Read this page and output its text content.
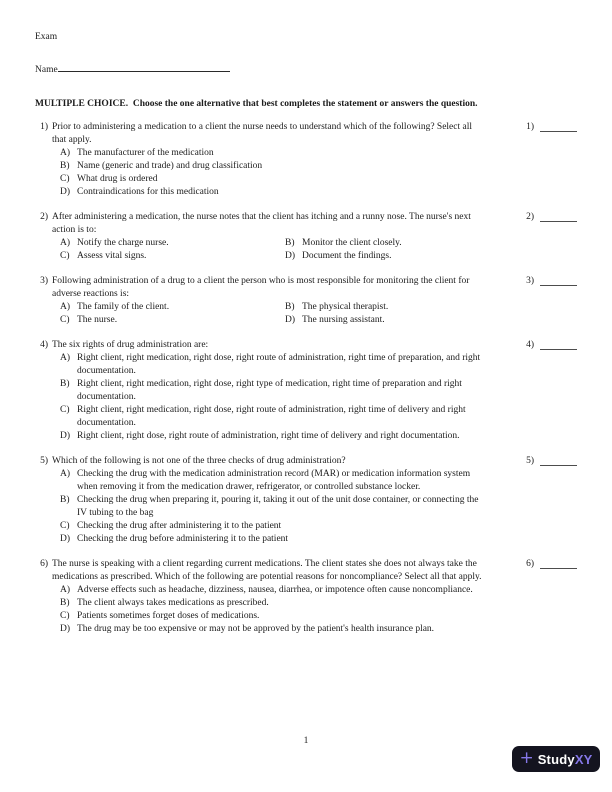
Exam
Name
MULTIPLE CHOICE.  Choose the one alternative that best completes the statement or answers the question.
1) Prior to administering a medication to a client the nurse needs to understand which of the following? Select all that apply.
A) The manufacturer of the medication
B) Name (generic and trade) and drug classification
C) What drug is ordered
D) Contraindications for this medication
1)
2) After administering a medication, the nurse notes that the client has itching and a runny nose. The nurse's next action is to:
A) Notify the charge nurse.	B) Monitor the client closely.
C) Assess vital signs.	D) Document the findings.
2)
3) Following administration of a drug to a client the person who is most responsible for monitoring the client for adverse reactions is:
A) The family of the client.	B) The physical therapist.
C) The nurse.	D) The nursing assistant.
3)
4) The six rights of drug administration are:
A) Right client, right medication, right dose, right route of administration, right time of preparation, and right documentation.
B) Right client, right medication, right dose, right type of medication, right time of preparation and right documentation.
C) Right client, right medication, right dose, right route of administration, right time of delivery and right documentation.
D) Right client, right dose, right route of administration, right time of delivery and right documentation.
4)
5) Which of the following is not one of the three checks of drug administration?
A) Checking the drug with the medication administration record (MAR) or medication information system when removing it from the medication drawer, refrigerator, or controlled substance locker.
B) Checking the drug when preparing it, pouring it, taking it out of the unit dose container, or connecting the IV tubing to the bag
C) Checking the drug after administering it to the patient
D) Checking the drug before administering it to the patient
5)
6) The nurse is speaking with a client regarding current medications. The client states she does not always take the medications as prescribed. Which of the following are potential reasons for noncompliance? Select all that apply.
A) Adverse effects such as headache, dizziness, nausea, diarrhea, or impotence often cause noncompliance.
B) The client always takes medications as prescribed.
C) Patients sometimes forget doses of medications.
D) The drug may be too expensive or may not be approved by the patient's health insurance plan.
6)
1
+ StudyXY
